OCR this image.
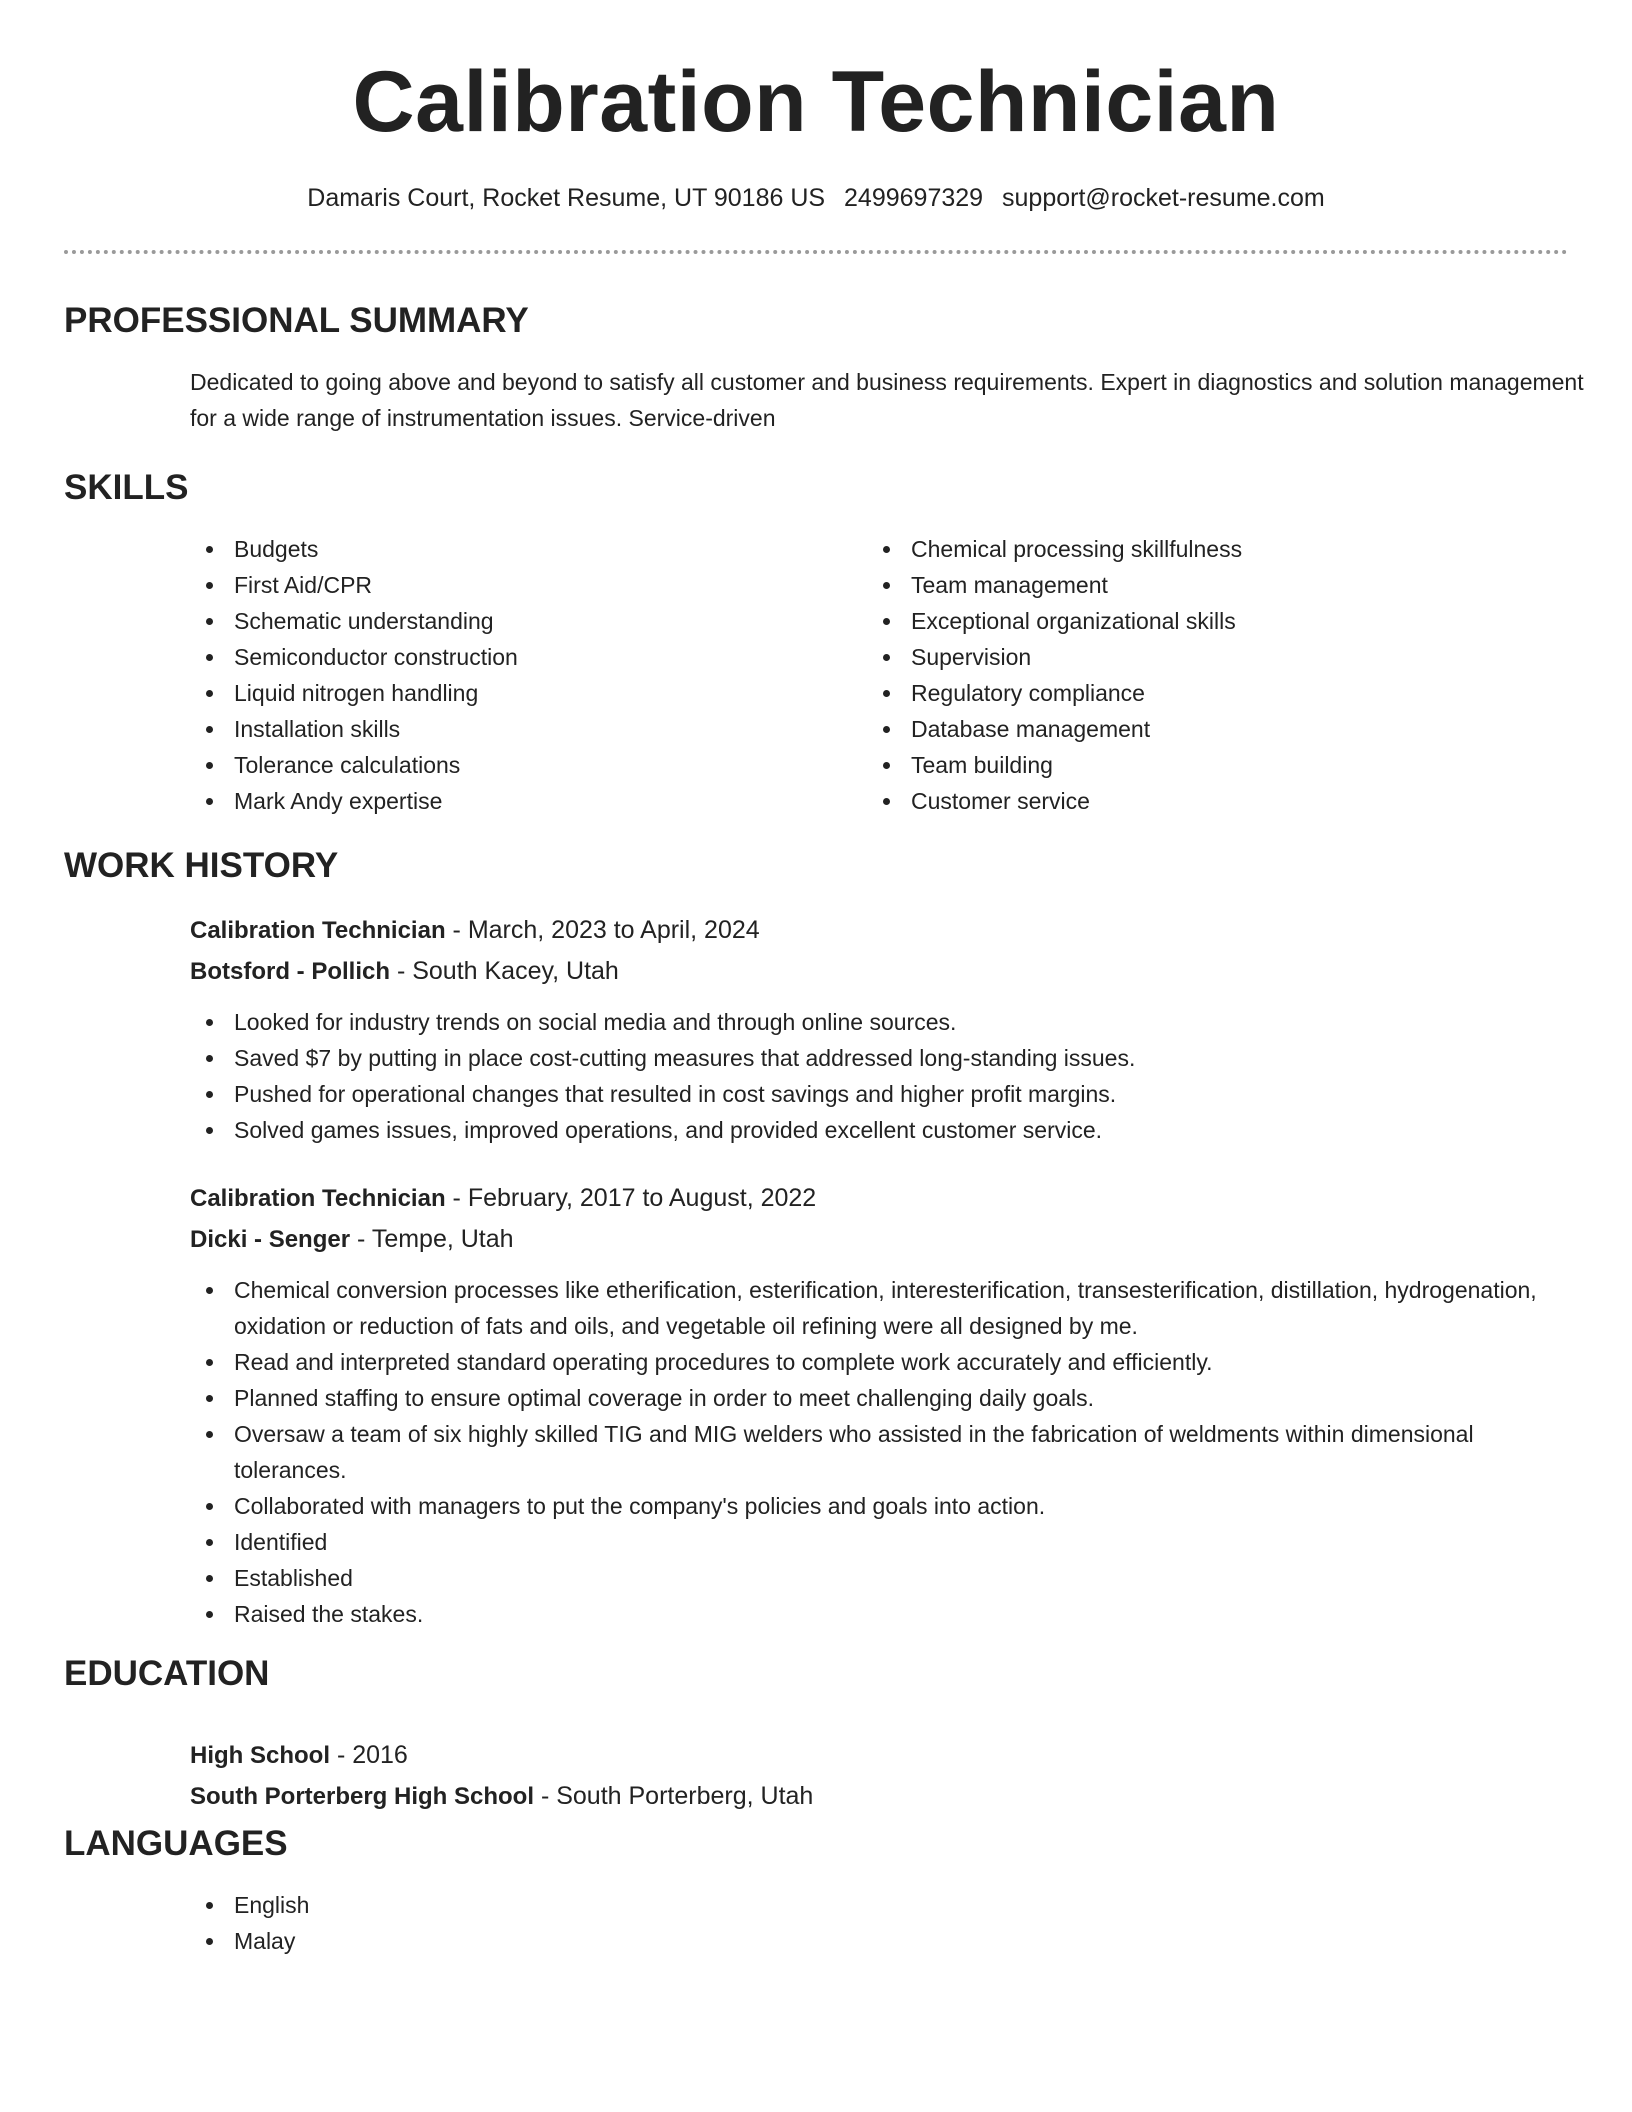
Calibration Technician
Damaris Court, Rocket Resume, UT 90186 US 2499697329 support@rocket-resume.com
PROFESSIONAL SUMMARY

Dedicated to going above and beyond to satisfy all customer and business requirements. Expert in diagnostics and solution management for a wide range of instrumentation issues. Service-driven

SKILLS
Budgets
First Aid/CPR
Schematic understanding
Semiconductor construction
Liquid nitrogen handling
Installation skills
Tolerance calculations
Mark Andy expertise
Chemical processing skillfulness
Team management
Exceptional organizational skills
Supervision
Regulatory compliance
Database management
Team building
Customer service
WORK HISTORY
Calibration Technician - March, 2023 to April, 2024
Botsford - Pollich - South Kacey, Utah
Looked for industry trends on social media and through online sources.
Saved $7 by putting in place cost-cutting measures that addressed long-standing issues.
Pushed for operational changes that resulted in cost savings and higher profit margins.
Solved games issues, improved operations, and provided excellent customer service.
Calibration Technician - February, 2017 to August, 2022
Dicki - Senger - Tempe, Utah
Chemical conversion processes like etherification, esterification, interesterification, transesterification, distillation, hydrogenation, oxidation or reduction of fats and oils, and vegetable oil refining were all designed by me.
Read and interpreted standard operating procedures to complete work accurately and efficiently.
Planned staffing to ensure optimal coverage in order to meet challenging daily goals.
Oversaw a team of six highly skilled TIG and MIG welders who assisted in the fabrication of weldments within dimensional tolerances.
Collaborated with managers to put the company's policies and goals into action.
Identified
Established
Raised the stakes.
EDUCATION
High School - 2016
South Porterberg High School - South Porterberg, Utah
LANGUAGES
English
Malay
